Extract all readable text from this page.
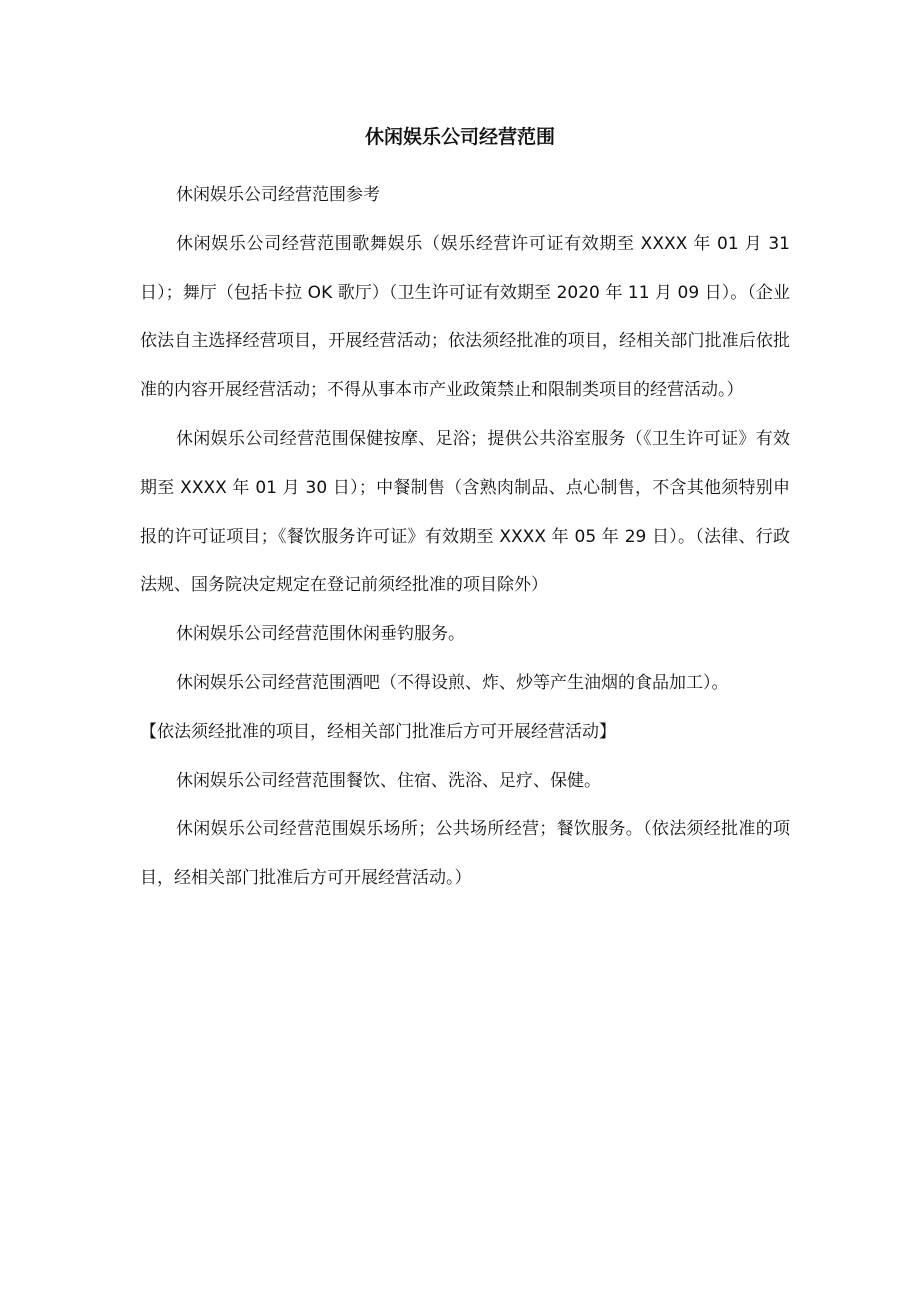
休闲娱乐公司经营范围

休闲娱乐公司经营范围参考

休闲娱乐公司经营范围歌舞娱乐（娱乐经营许可证有效期至 XXXX 年 01 月 31 日）；舞厅（包括卡拉 OK 歌厅）（卫生许可证有效期至 2020 年 11 月 09 日）。（企业依法自主选择经营项目，开展经营活动；依法须经批准的项目，经相关部门批准后依批准的内容开展经营活动；不得从事本市产业政策禁止和限制类项目的经营活动。）

休闲娱乐公司经营范围保健按摩、足浴；提供公共浴室服务（《卫生许可证》有效期至 XXXX 年 01 月 30 日）；中餐制售（含熟肉制品、点心制售，不含其他须特别申报的许可证项目；《餐饮服务许可证》有效期至 XXXX 年 05 年 29 日）。（法律、行政法规、国务院决定规定在登记前须经批准的项目除外）

休闲娱乐公司经营范围休闲垂钓服务。

休闲娱乐公司经营范围酒吧（不得设煎、炸、炒等产生油烟的食品加工）。

【依法须经批准的项目，经相关部门批准后方可开展经营活动】

休闲娱乐公司经营范围餐饮、住宿、洗浴、足疗、保健。

休闲娱乐公司经营范围娱乐场所；公共场所经营；餐饮服务。（依法须经批准的项目，经相关部门批准后方可开展经营活动。）
